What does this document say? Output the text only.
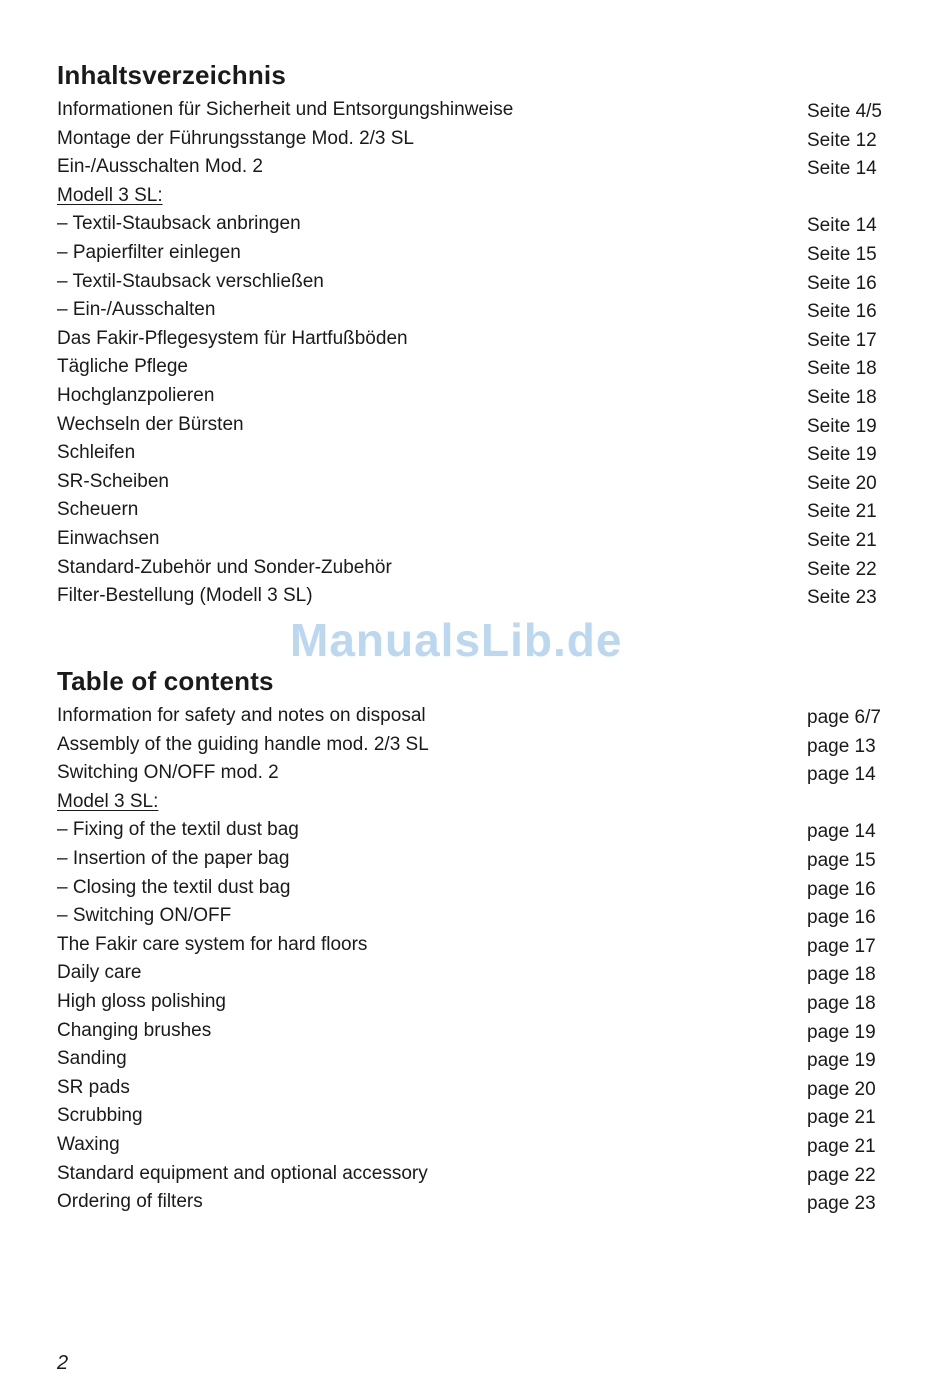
Inhaltsverzeichnis
Informationen für Sicherheit und Entsorgungshinweise	Seite 4/5
Montage der Führungsstange Mod. 2/3 SL	Seite 12
Ein-/Ausschalten Mod. 2	Seite 14
Modell 3 SL:
– Textil-Staubsack anbringen	Seite 14
– Papierfilter einlegen	Seite 15
– Textil-Staubsack verschließen	Seite 16
– Ein-/Ausschalten	Seite 16
Das Fakir-Pflegesystem für Hartfußböden	Seite 17
Tägliche Pflege	Seite 18
Hochglanzpolieren	Seite 18
Wechseln der Bürsten	Seite 19
Schleifen	Seite 19
SR-Scheiben	Seite 20
Scheuern	Seite 21
Einwachsen	Seite 21
Standard-Zubehör und Sonder-Zubehör	Seite 22
Filter-Bestellung (Modell 3 SL)	Seite 23
ManualsLib.de
Table of contents
Information for safety and notes on disposal	page 6/7
Assembly of the guiding handle mod. 2/3 SL	page 13
Switching ON/OFF mod. 2	page 14
Model 3 SL:
– Fixing of the textil dust bag	page 14
– Insertion of the paper bag	page 15
– Closing the textil dust bag	page 16
– Switching ON/OFF	page 16
The Fakir care system for hard floors	page 17
Daily care	page 18
High gloss polishing	page 18
Changing brushes	page 19
Sanding	page 19
SR pads	page 20
Scrubbing	page 21
Waxing	page 21
Standard equipment and optional accessory	page 22
Ordering of filters	page 23
2
